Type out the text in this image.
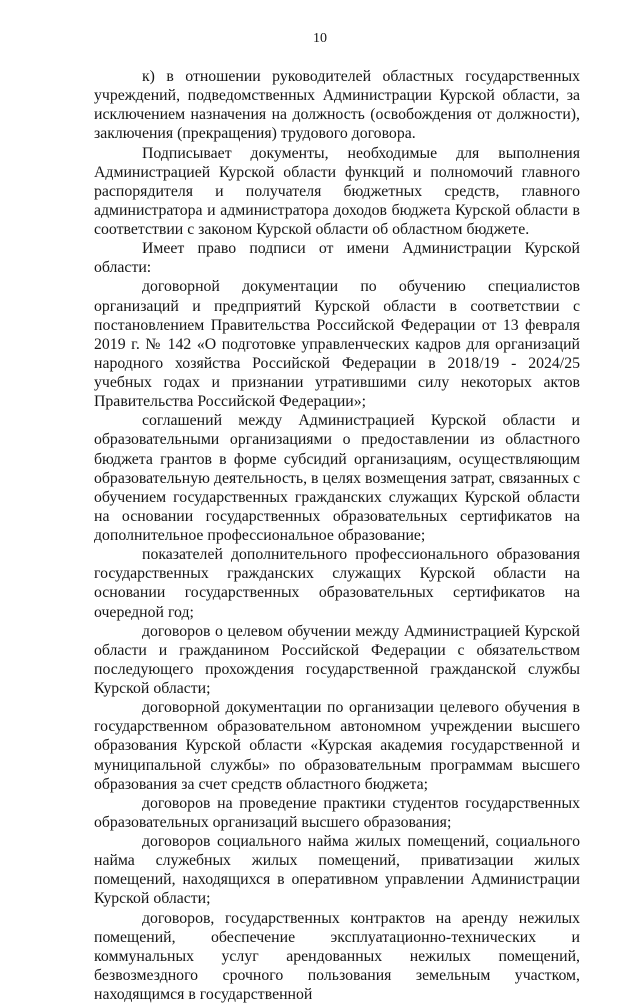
10

к) в отношении руководителей областных государственных учреждений, подведомственных Администрации Курской области, за исключением назначения на должность (освобождения от должности), заключения (прекращения) трудового договора.

Подписывает документы, необходимые для выполнения Администрацией Курской области функций и полномочий главного распорядителя и получателя бюджетных средств, главного администратора и администратора доходов бюджета Курской области в соответствии с законом Курской области об областном бюджете.

Имеет право подписи от имени Администрации Курской области:

договорной документации по обучению специалистов организаций и предприятий Курской области в соответствии с постановлением Правительства Российской Федерации от 13 февраля 2019 г. № 142 «О подготовке управленческих кадров для организаций народного хозяйства Российской Федерации в 2018/19 - 2024/25 учебных годах и признании утратившими силу некоторых актов Правительства Российской Федерации»;

соглашений между Администрацией Курской области и образовательными организациями о предоставлении из областного бюджета грантов в форме субсидий организациям, осуществляющим образовательную деятельность, в целях возмещения затрат, связанных с обучением государственных гражданских служащих Курской области на основании государственных образовательных сертификатов на дополнительное профессиональное образование;

показателей дополнительного профессионального образования государственных гражданских служащих Курской области на основании государственных образовательных сертификатов на очередной год;

договоров о целевом обучении между Администрацией Курской области и гражданином Российской Федерации с обязательством последующего прохождения государственной гражданской службы Курской области;

договорной документации по организации целевого обучения в государственном образовательном автономном учреждении высшего образования Курской области «Курская академия государственной и муниципальной службы» по образовательным программам высшего образования за счет средств областного бюджета;

договоров на проведение практики студентов государственных образовательных организаций высшего образования;

договоров социального найма жилых помещений, социального найма служебных жилых помещений, приватизации жилых помещений, находящихся в оперативном управлении Администрации Курской области;

договоров, государственных контрактов на аренду нежилых помещений, обеспечение эксплуатационно-технических и коммунальных услуг арендованных нежилых помещений, безвозмездного срочного пользования земельным участком, находящимся в государственной
